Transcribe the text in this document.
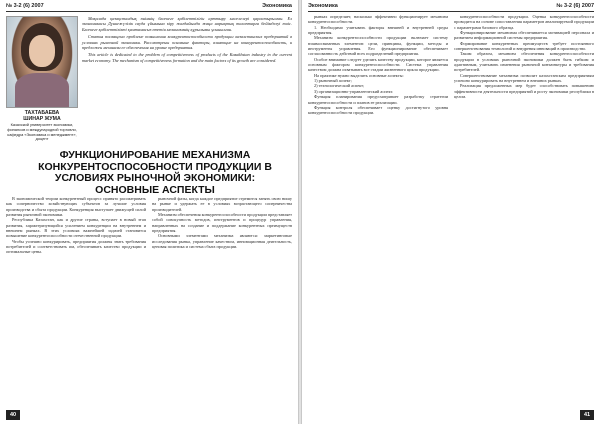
№ 3-2 (6) 2007	Экономика

Мақалада қазақстандық өнімнің бәсекеге қабілеттілігін арттыру мәселелері қарастырылған. Ел экономикасы Дүниежүзілік сауда ұйымына кіру жағдайында жаңа нарықтық талаптарға бейімделуі тиіс. Бәсекеге қабілеттілікті қамтамасыз ететін механизмнің құрылымы ұсынылған.

Статья посвящена проблеме повышения конкурентоспособности продукции казахстанских предприятий в условиях рыночной экономики. Рассмотрены основные факторы, влияющие на конкурентоспособность, и предложен механизм ее обеспечения на уровне предприятия.

This article is dedicated to the problem of competitiveness of products of the Kazakhstan industry in the current market economy. The mechanism of competitiveness formation and the main factors of its growth are considered.

ТАХТАБАЕВА
ШИНАР ЖУМА
Казахский университет экономики, финансов и международной торговли, кафедра «Экономика и менеджмент», доцент
ФУНКЦИОНИРОВАНИЕ МЕХАНИЗМА КОНКУРЕНТОСПОСОБНОСТИ ПРОДУКЦИИ В УСЛОВИЯХ РЫНОЧНОЙ ЭКОНОМИКИ: ОСНОВНЫЕ АСПЕКТЫ

В экономической теории конкурентный процесс принято рассматривать как соперничество хозяйствующих субъектов за лучшие условия производства и сбыта продукции. Конкуренция выступает движущей силой развития рыночной экономики.

Республика Казахстан, как и другие страны, вступает в новый этап развития, характеризующийся усилением конкуренции на внутреннем и внешнем рынках. В этих условиях важнейшей задачей становится повышение конкурентоспособности отечественной продукции.

Чтобы успешно конкурировать, предприятия должны знать требования потребителей и соответствовать им, обеспечивать качество продукции и оптимальные цены.

рыночной фазы, когда каждое предприятие стремится занять свою нишу на рынке и удержать ее в условиях возрастающего соперничества производителей.

Механизм обеспечения конкурентоспособности продукции представляет собой совокупность методов, инструментов и процедур управления, направленных на создание и поддержание конкурентных преимуществ предприятия.

Основными элементами механизма являются: маркетинговые исследования рынка, управление качеством, инновационная деятельность, ценовая политика и система сбыта продукции.

40
Экономика	№ 3-2 (6) 2007

рынках определяет, насколько эффективно функционирует механизм конкурентоспособности.

1. Необходимо учитывать факторы внешней и внутренней среды предприятия.

Механизм конкурентоспособности продукции включает систему взаимосвязанных элементов: цели, принципы, функции, методы и инструменты управления. Его функционирование обеспечивает согласованность действий всех подразделений предприятия.

Особое внимание следует уделять качеству продукции, которое является основным фактором конкурентоспособности. Система управления качеством должна охватывать все стадии жизненного цикла продукции.

На практике нужно выделить основные аспекты:

1) рыночный аспект;

2) технологический аспект;

3) организационно-управленческий аспект.

Функция планирования предусматривает разработку стратегии конкурентоспособности и планов ее реализации.

Функция контроля обеспечивает оценку достигнутого уровня конкурентоспособности продукции.

конкурентоспособности продукции. Оценка конкурентоспособности проводится на основе сопоставления параметров анализируемой продукции с параметрами базового образца.

Функционирование механизма обеспечивается мотивацией персонала и развитием информационной системы предприятия.

Формирование конкурентных преимуществ требует постоянного совершенствования технологий и внедрения инноваций в производство.

Таким образом, механизм обеспечения конкурентоспособности продукции в условиях рыночной экономики должен быть гибким и адаптивным, учитывать изменения рыночной конъюнктуры и требования потребителей.

Совершенствование механизма позволит казахстанским предприятиям успешно конкурировать на внутреннем и внешних рынках.

Реализация предложенных мер будет способствовать повышению эффективности деятельности предприятий и росту экономики республики в целом.

41
